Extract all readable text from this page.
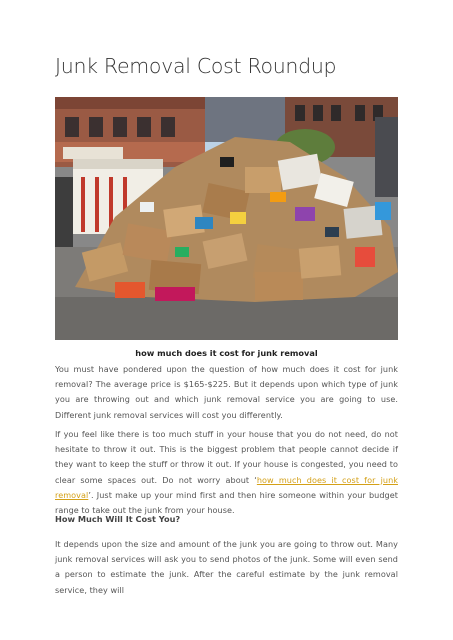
Junk Removal Cost Roundup
how much does it cost for junk removal

You must have pondered upon the question of how much does it cost for junk removal? The average price is $165-$225. But it depends upon which type of junk you are throwing out and which junk removal service you are going to use. Different junk removal services will cost you differently.

If you feel like there is too much stuff in your house that you do not need, do not hesitate to throw it out. This is the biggest problem that people cannot decide if they want to keep the stuff or throw it out. If your house is congested, you need to clear some spaces out. Do not worry about ‘how much does it cost for junk removal’. Just make up your mind first and then hire someone within your budget range to take out the junk from your house.

How Much Will It Cost You?

It depends upon the size and amount of the junk you are going to throw out. Many junk removal services will ask you to send photos of the junk. Some will even send a person to estimate the junk. After the careful estimate by the junk removal service, they will
